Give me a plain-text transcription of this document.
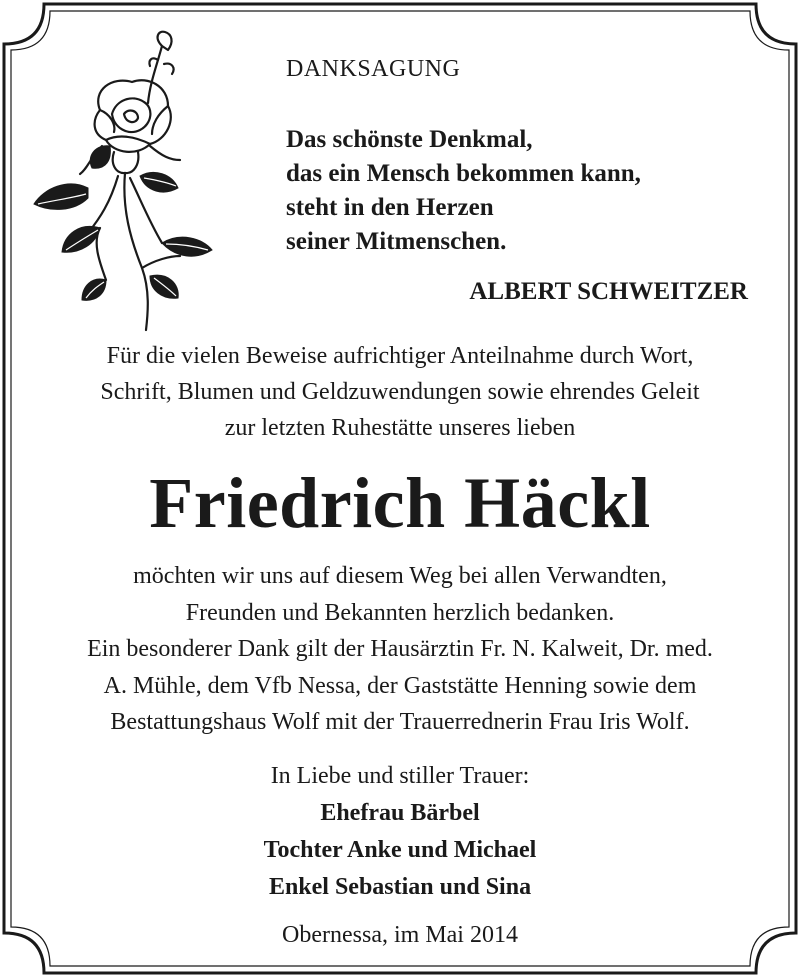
DANKSAGUNG
Das schönste Denkmal,
das ein Mensch bekommen kann,
steht in den Herzen
seiner Mitmenschen.
ALBERT SCHWEITZER
Für die vielen Beweise aufrichtiger Anteilnahme durch Wort,
Schrift, Blumen und Geldzuwendungen sowie ehrendes Geleit
zur letzten Ruhestätte unseres lieben
Friedrich Häckl
möchten wir uns auf diesem Weg bei allen Verwandten,
Freunden und Bekannten herzlich bedanken.
Ein besonderer Dank gilt der Hausärztin Fr. N. Kalweit, Dr. med.
A. Mühle, dem Vfb Nessa, der Gaststätte Henning sowie dem
Bestattungshaus Wolf mit der Trauerrednerin Frau Iris Wolf.
In Liebe und stiller Trauer:
Ehefrau Bärbel
Tochter Anke und Michael
Enkel Sebastian und Sina
Obernessa, im Mai 2014
